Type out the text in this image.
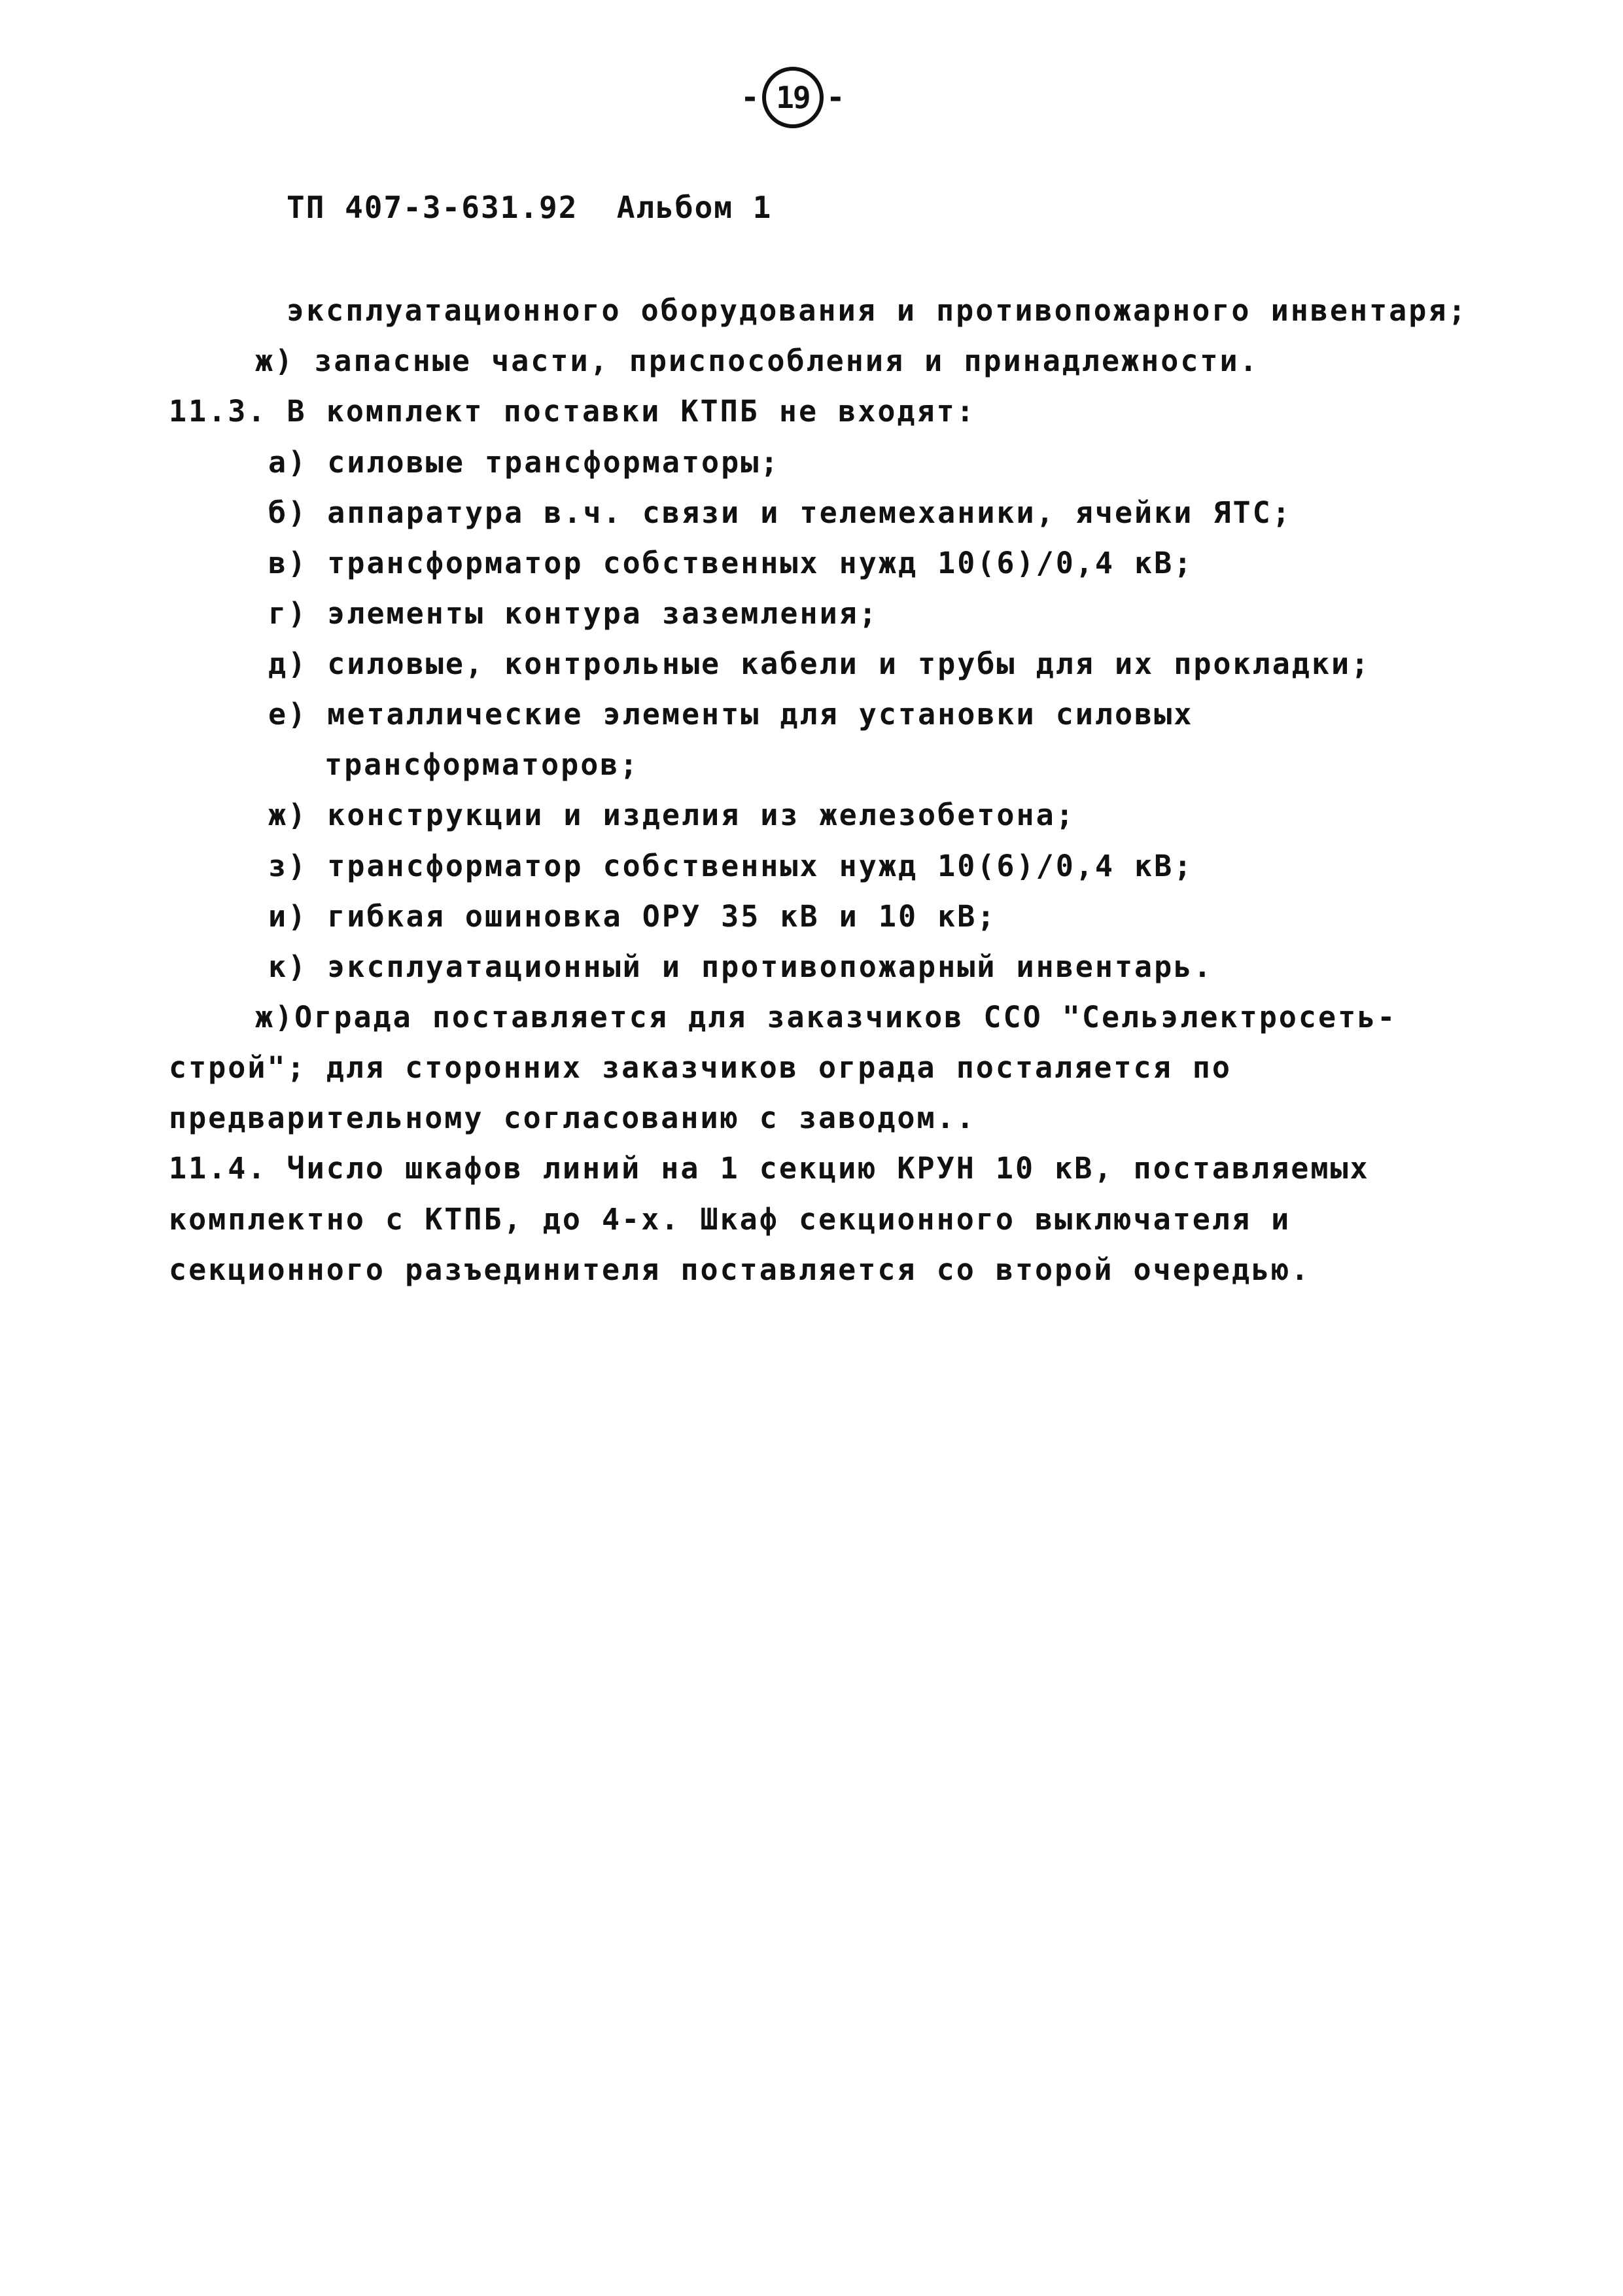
- 19 -
ТП 407-3-631.92  Альбом 1
эксплуатационного оборудования и противопожарного инвентаря;
ж) запасные части, приспособления и принадлежности.
11.3. В комплект поставки КТПБ не входят:
а) силовые трансформаторы;
б) аппаратура в.ч. связи и телемеханики, ячейки ЯТС;
в) трансформатор собственных нужд 10(6)/0,4 кВ;
г) элементы контура заземления;
д) силовые, контрольные кабели и трубы для их прокладки;
е) металлические элементы для установки силовых
трансформаторов;
ж) конструкции и изделия из железобетона;
з) трансформатор собственных нужд 10(6)/0,4 кВ;
и) гибкая ошиновка ОРУ 35 кВ и 10 кВ;
к) эксплуатационный и противопожарный инвентарь.
ж)Ограда поставляется для заказчиков ССО "Сельэлектросеть-
строй"; для сторонних заказчиков ограда посталяется по
предварительному согласованию с заводом..
11.4. Число шкафов линий на 1 секцию КРУН 10 кВ, поставляемых
комплектно с КТПБ, до 4-х. Шкаф секционного выключателя и
секционного разъединителя поставляется со второй очередью.
